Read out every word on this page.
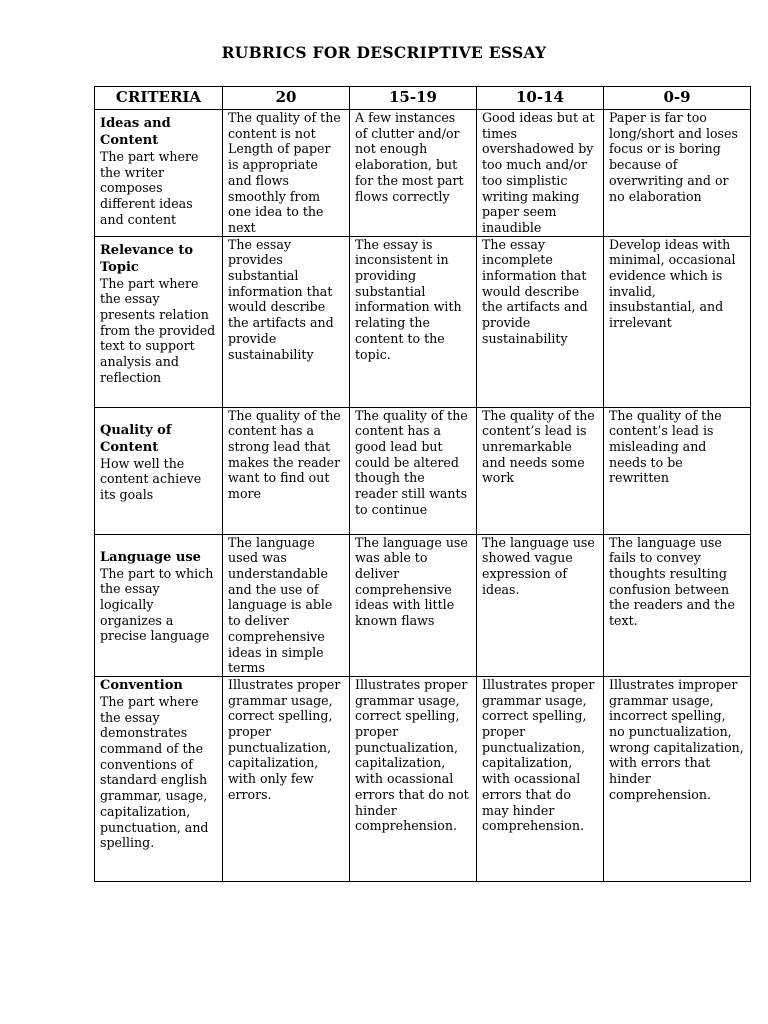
RUBRICS FOR DESCRIPTIVE ESSAY
CRITERIA	20	15-19	10-14	0-9

Ideas and Content
The part where the writer composes different ideas and content	The quality of the content is not Length of paper is appropriate and flows smoothly from one idea to the next	A few instances of clutter and/or not enough elaboration, but for the most part flows correctly	Good ideas but at times overshadowed by too much and/or too simplistic writing making paper seem inaudible	Paper is far too long/short and loses focus or is boring because of overwriting and or no elaboration

Relevance to Topic
The part where the essay presents relation from the provided text to support analysis and reflection	The essay provides substantial information that would describe the artifacts and provide sustainability	The essay is inconsistent in providing substantial information with relating the content to the topic.	The essay incomplete information that would describe the artifacts and provide sustainability	Develop ideas with minimal, occasional evidence which is invalid, insubstantial, and irrelevant

Quality of Content
How well the content achieve its goals	The quality of the content has a strong lead that makes the reader want to find out more	The quality of the content has a good lead but could be altered though the reader still wants to continue	The quality of the content’s lead is unremarkable and needs some work	The quality of the content’s lead is misleading and needs to be rewritten

Language use
The part to which the essay logically organizes a precise language	The language used was understandable and the use of language is able to deliver comprehensive ideas in simple terms	The language use was able to deliver comprehensive ideas with little known flaws	The language use showed vague expression of ideas.	The language use fails to convey thoughts resulting confusion between the readers and the text.

Convention
The part where the essay demonstrates command of the conventions of standard english grammar, usage, capitalization, punctuation, and spelling.	Illustrates proper grammar usage, correct spelling, proper punctualization, capitalization, with only few errors.	Illustrates proper grammar usage, correct spelling, proper punctualization, capitalization, with ocassional errors that do not hinder comprehension.	Illustrates proper grammar usage, correct spelling, proper punctualization, capitalization, with ocassional errors that do may hinder comprehension.	Illustrates improper grammar usage, incorrect spelling, no punctualization, wrong capitalization, with errors that hinder comprehension.
